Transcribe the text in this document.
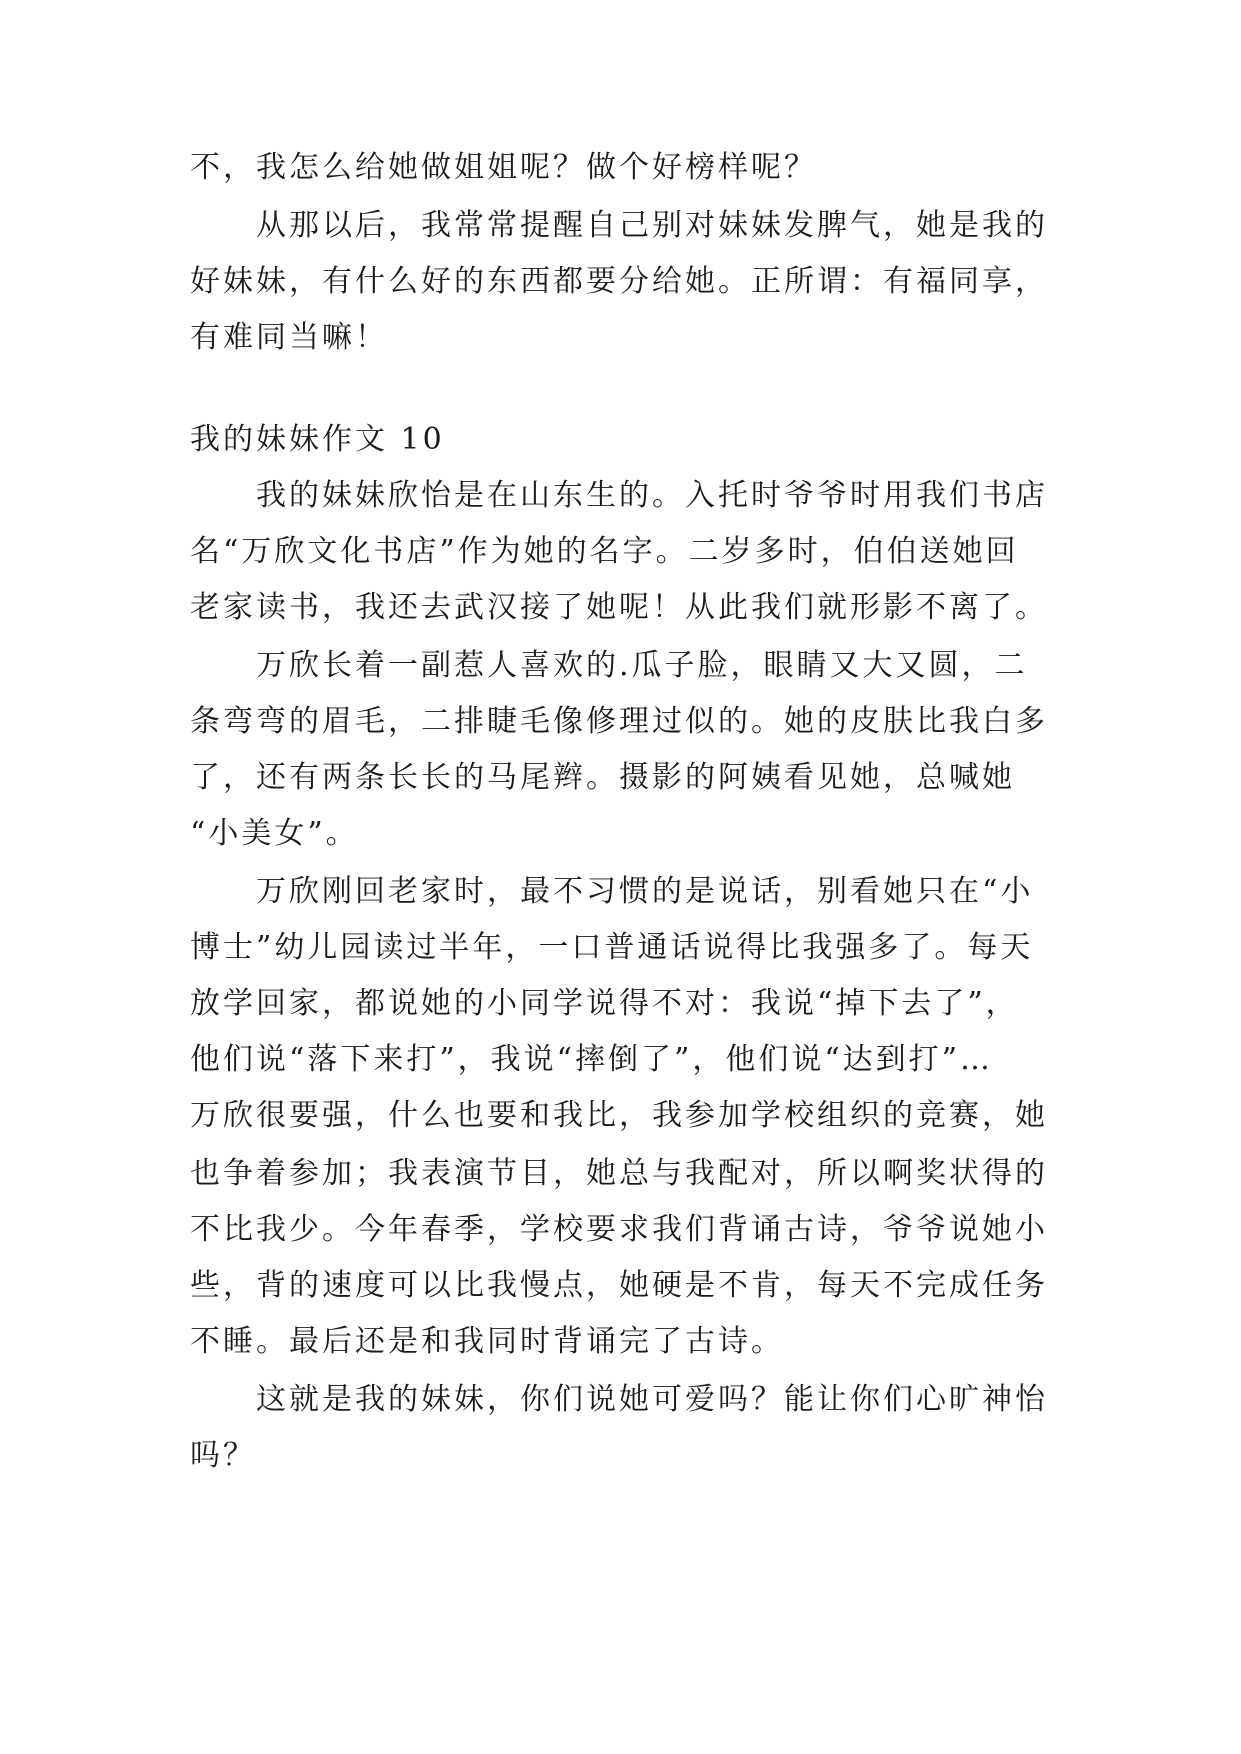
不，我怎么给她做姐姐呢？做个好榜样呢？
从那以后，我常常提醒自己别对妹妹发脾气，她是我的
好妹妹，有什么好的东西都要分给她。正所谓：有福同享，
有难同当嘛！
我的妹妹作文 10
我的妹妹欣怡是在山东生的。入托时爷爷时用我们书店
名“万欣文化书店”作为她的名字。二岁多时，伯伯送她回
老家读书，我还去武汉接了她呢！从此我们就形影不离了。
万欣长着一副惹人喜欢的.瓜子脸，眼睛又大又圆，二
条弯弯的眉毛，二排睫毛像修理过似的。她的皮肤比我白多
了，还有两条长长的马尾辫。摄影的阿姨看见她，总喊她
“小美女”。
万欣刚回老家时，最不习惯的是说话，别看她只在“小
博士”幼儿园读过半年，一口普通话说得比我强多了。每天
放学回家，都说她的小同学说得不对：我说“掉下去了”，
他们说“落下来打”，我说“摔倒了”，他们说“达到打”…
万欣很要强，什么也要和我比，我参加学校组织的竞赛，她
也争着参加；我表演节目，她总与我配对，所以啊奖状得的
不比我少。今年春季，学校要求我们背诵古诗，爷爷说她小
些，背的速度可以比我慢点，她硬是不肯，每天不完成任务
不睡。最后还是和我同时背诵完了古诗。
这就是我的妹妹，你们说她可爱吗？能让你们心旷神怡
吗？
